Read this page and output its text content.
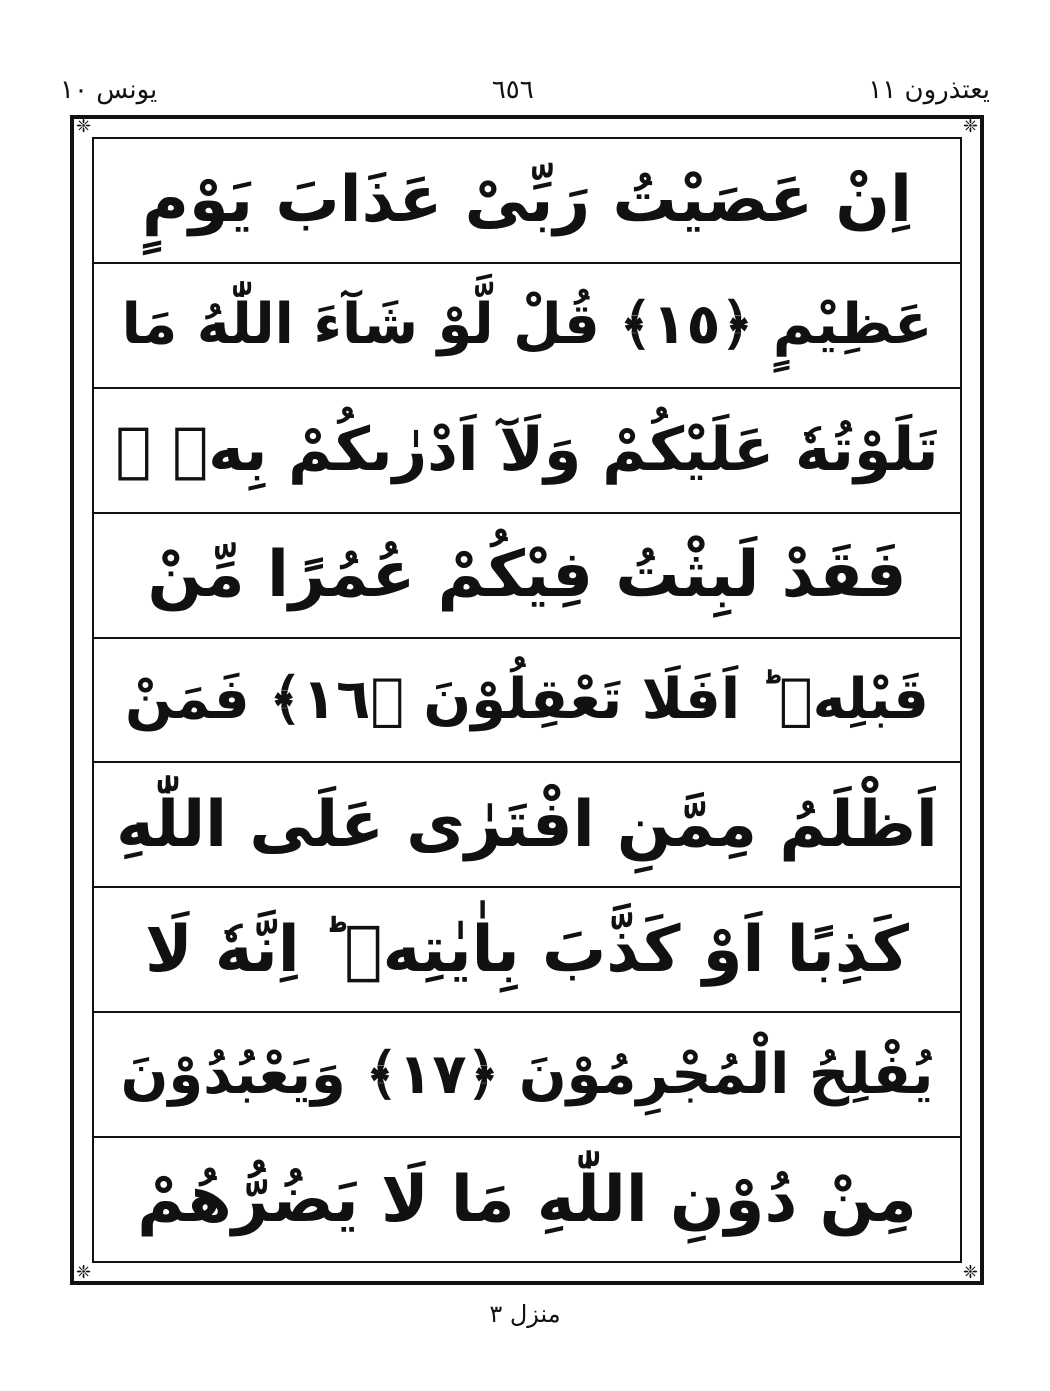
يونس ١٠	٦٥٦	يعتذرون ١١
اِنْ عَصَيْتُ رَبِّىْ عَذَابَ يَوْمٍ
عَظِيْمٍ ﴿١٥﴾ قُلْ لَّوْ شَآءَ اللّٰهُ مَا
تَلَوْتُهٗ عَلَيْكُمْ وَلَآ اَدْرٰىكُمْ بِهٖ ۖ
فَقَدْ لَبِثْتُ فِيْكُمْ عُمُرًا مِّنْ
قَبْلِهٖ ؕ اَفَلَا تَعْقِلُوْنَ ﴿١٦﴾ فَمَنْ
اَظْلَمُ مِمَّنِ افْتَرٰى عَلَى اللّٰهِ
كَذِبًا اَوْ كَذَّبَ بِاٰيٰتِهٖ ؕ اِنَّهٗ لَا
يُفْلِحُ الْمُجْرِمُوْنَ ﴿١٧﴾ وَيَعْبُدُوْنَ
مِنْ دُوْنِ اللّٰهِ مَا لَا يَضُرُّهُمْ
❈	❈
❈	❈
منزل ٣
